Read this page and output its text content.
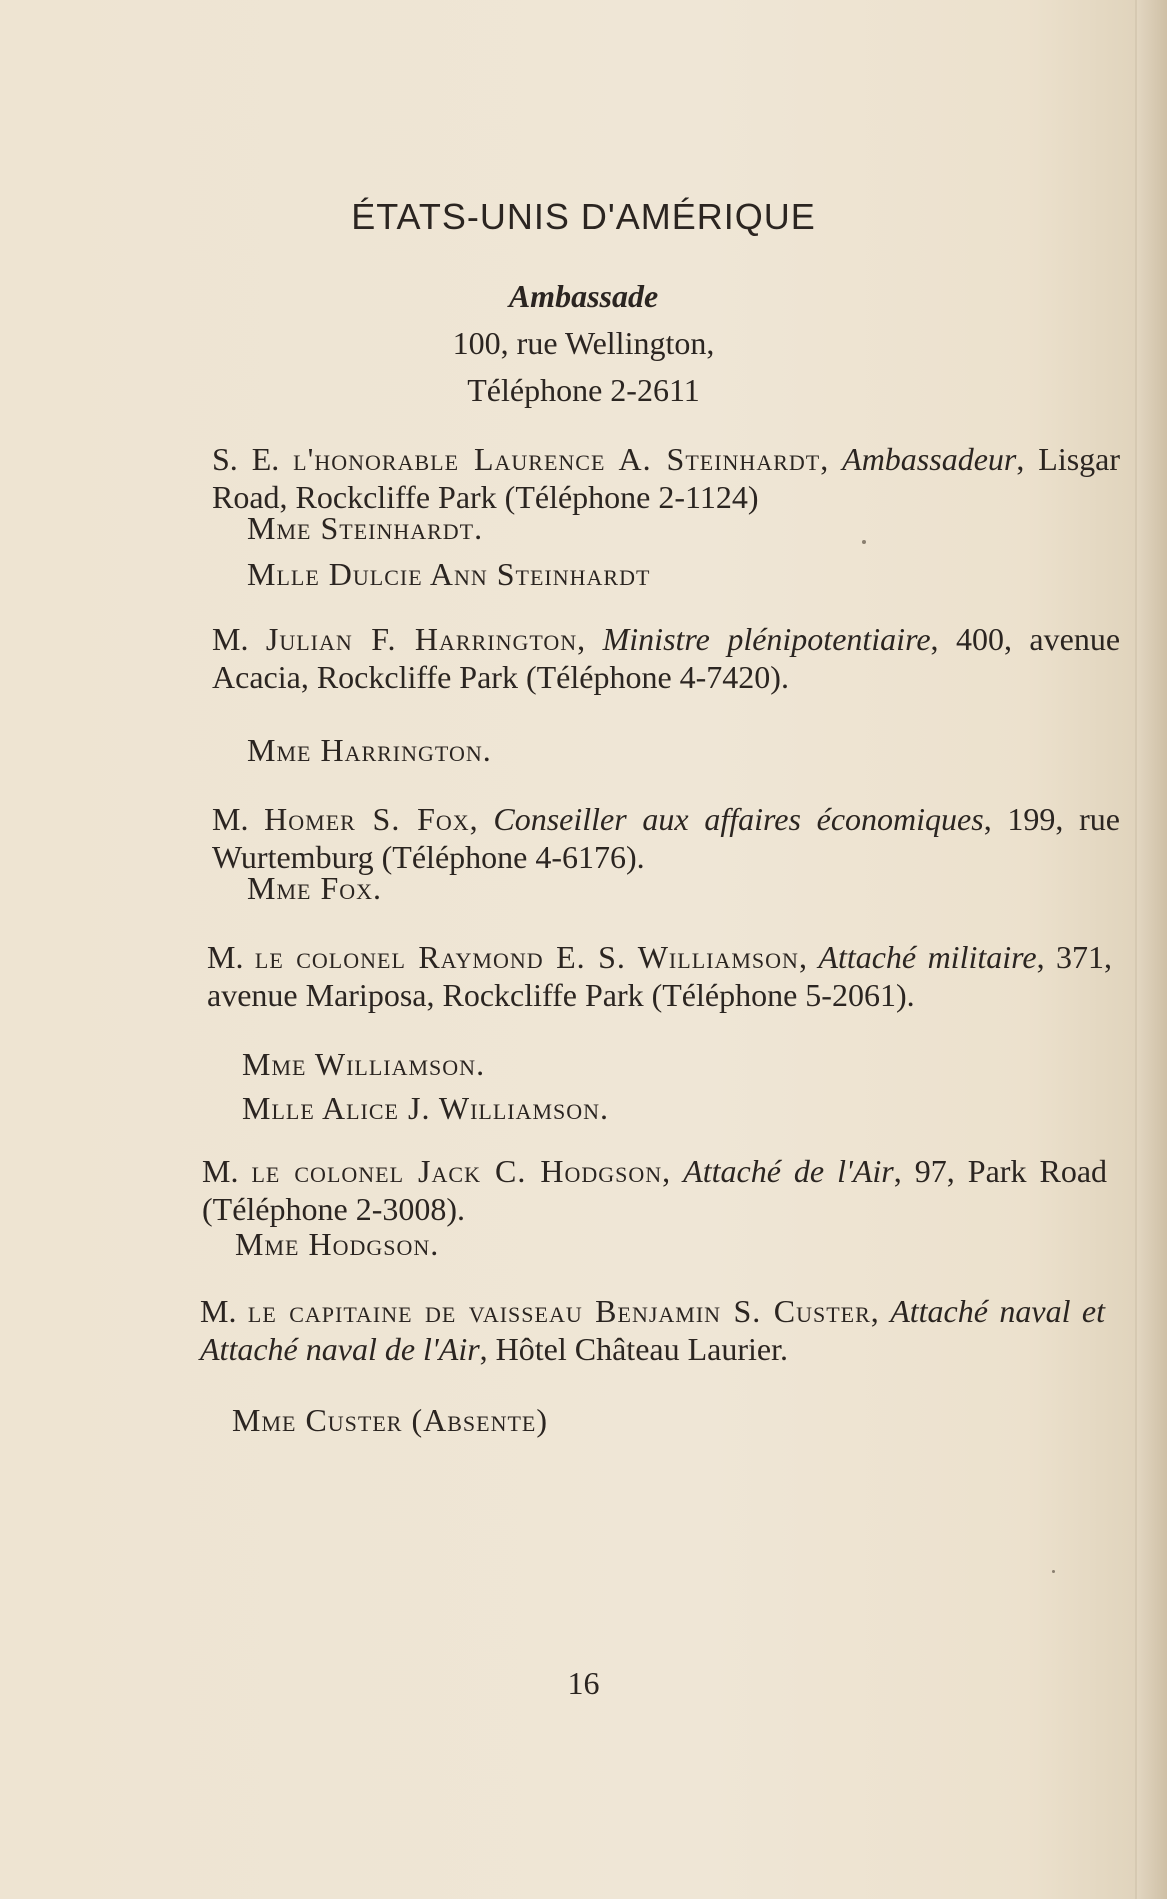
ÉTATS-UNIS D'AMÉRIQUE
Ambassade
100, rue Wellington,
Téléphone 2-2611
S. E. l'honorable Laurence A. Steinhardt, Ambassadeur, Lisgar Road, Rockcliffe Park (Téléphone 2-1124)
Mme Steinhardt.
Mlle Dulcie Ann Steinhardt
M. Julian F. Harrington, Ministre plénipotentiaire, 400, avenue Acacia, Rockcliffe Park (Téléphone 4-7420).
Mme Harrington.
M. Homer S. Fox, Conseiller aux affaires économiques, 199, rue Wurtemburg (Téléphone 4-6176).
Mme Fox.
M. le colonel Raymond E. S. Williamson, Attaché militaire, 371, avenue Mariposa, Rockcliffe Park (Téléphone 5-2061).
Mme Williamson.
Mlle Alice J. Williamson.
M. le colonel Jack C. Hodgson, Attaché de l'Air, 97, Park Road (Téléphone 2-3008).
Mme Hodgson.
M. le capitaine de vaisseau Benjamin S. Custer, Attaché naval et Attaché naval de l'Air, Hôtel Château Laurier.
Mme Custer (Absente)
16
